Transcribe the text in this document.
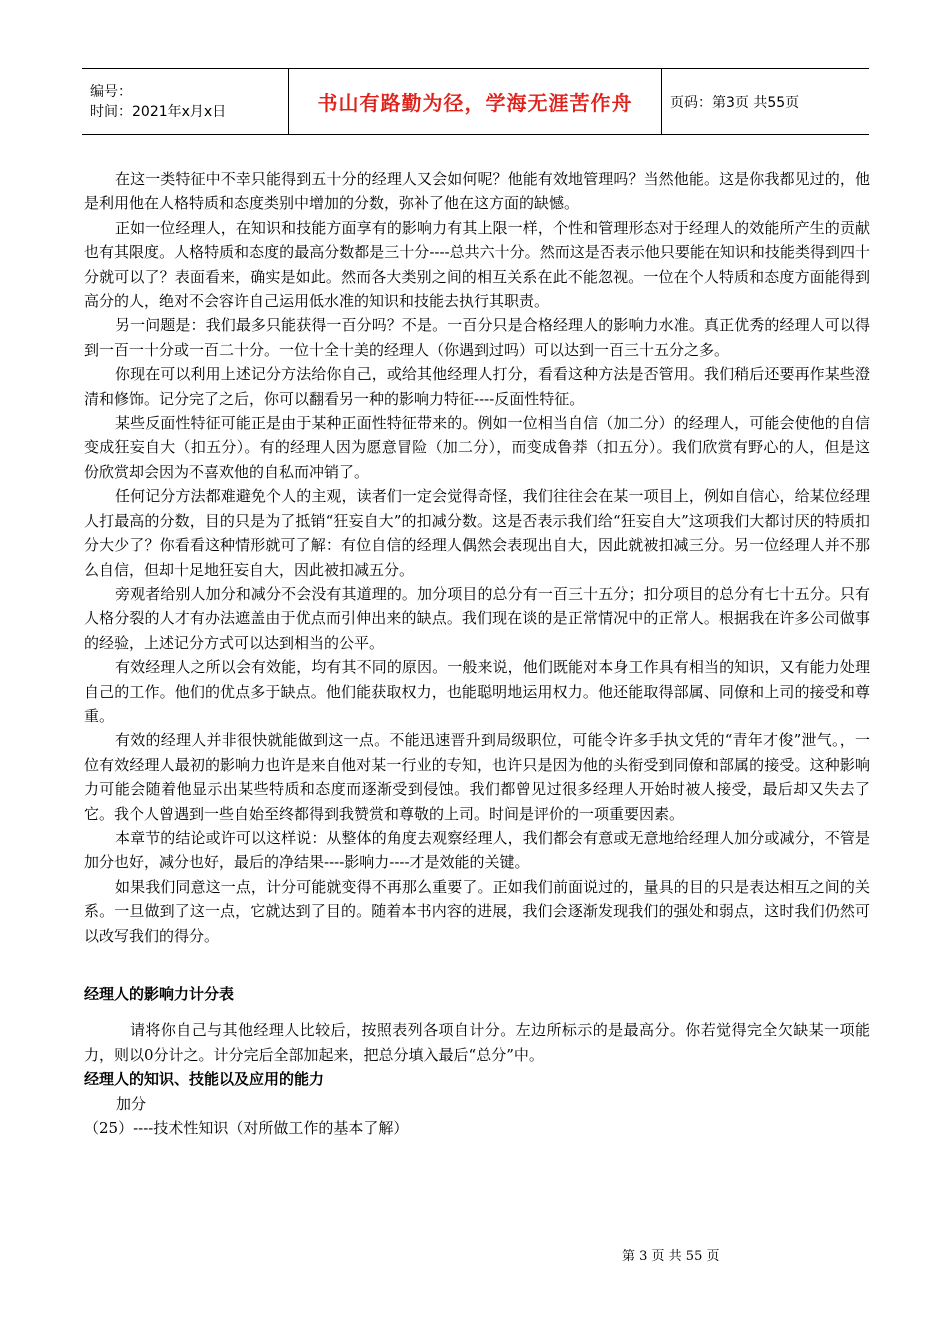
编号：
时间：2021年x月x日	书山有路勤为径，学海无涯苦作舟	页码：第3页 共55页

在这一类特征中不幸只能得到五十分的经理人又会如何呢？他能有效地管理吗？当然他能。这是你我都见过的，他是利用他在人格特质和态度类别中增加的分数，弥补了他在这方面的缺憾。

正如一位经理人，在知识和技能方面享有的影响力有其上限一样，个性和管理形态对于经理人的效能所产生的贡献也有其限度。人格特质和态度的最高分数都是三十分----总共六十分。然而这是否表示他只要能在知识和技能类得到四十分就可以了？表面看来，确实是如此。然而各大类别之间的相互关系在此不能忽视。一位在个人特质和态度方面能得到高分的人，绝对不会容许自己运用低水准的知识和技能去执行其职责。

另一问题是：我们最多只能获得一百分吗？不是。一百分只是合格经理人的影响力水准。真正优秀的经理人可以得到一百一十分或一百二十分。一位十全十美的经理人（你遇到过吗）可以达到一百三十五分之多。

你现在可以利用上述记分方法给你自己，或给其他经理人打分，看看这种方法是否管用。我们稍后还要再作某些澄清和修饰。记分完了之后，你可以翻看另一种的影响力特征----反面性特征。

某些反面性特征可能正是由于某种正面性特征带来的。例如一位相当自信（加二分）的经理人，可能会使他的自信变成狂妄自大（扣五分）。有的经理人因为愿意冒险（加二分），而变成鲁莽（扣五分）。我们欣赏有野心的人，但是这份欣赏却会因为不喜欢他的自私而冲销了。

任何记分方法都难避免个人的主观，读者们一定会觉得奇怪，我们往往会在某一项目上，例如自信心，给某位经理人打最高的分数，目的只是为了抵销“狂妄自大”的扣减分数。这是否表示我们给“狂妄自大”这项我们大都讨厌的特质扣分大少了？你看看这种情形就可了解：有位自信的经理人偶然会表现出自大，因此就被扣减三分。另一位经理人并不那么自信，但却十足地狂妄自大，因此被扣减五分。

旁观者给别人加分和减分不会没有其道理的。加分项目的总分有一百三十五分；扣分项目的总分有七十五分。只有人格分裂的人才有办法遮盖由于优点而引伸出来的缺点。我们现在谈的是正常情况中的正常人。根据我在许多公司做事的经验，上述记分方式可以达到相当的公平。

有效经理人之所以会有效能，均有其不同的原因。一般来说，他们既能对本身工作具有相当的知识，又有能力处理自己的工作。他们的优点多于缺点。他们能获取权力，也能聪明地运用权力。他还能取得部属、同僚和上司的接受和尊重。

有效的经理人并非很快就能做到这一点。不能迅速晋升到局级职位，可能令许多手执文凭的“青年才俊”泄气。，一位有效经理人最初的影响力也许是来自他对某一行业的专知，也许只是因为他的头衔受到同僚和部属的接受。这种影响力可能会随着他显示出某些特质和态度而逐渐受到侵蚀。我们都曾见过很多经理人开始时被人接受，最后却又失去了它。我个人曾遇到一些自始至终都得到我赞赏和尊敬的上司。时间是评价的一项重要因素。

本章节的结论或许可以这样说：从整体的角度去观察经理人，我们都会有意或无意地给经理人加分或减分，不管是加分也好，减分也好，最后的净结果----影响力----才是效能的关键。

如果我们同意这一点，计分可能就变得不再那么重要了。正如我们前面说过的，量具的目的只是表达相互之间的关系。一旦做到了这一点，它就达到了目的。随着本书内容的进展，我们会逐渐发现我们的强处和弱点，这时我们仍然可以改写我们的得分。

经理人的影响力计分表

请将你自己与其他经理人比较后，按照表列各项自计分。左边所标示的是最高分。你若觉得完全欠缺某一项能力，则以0分计之。计分完后全部加起来，把总分填入最后“总分”中。

经理人的知识、技能以及应用的能力

加分

（25）----技术性知识（对所做工作的基本了解）

第 3 页 共 55 页
